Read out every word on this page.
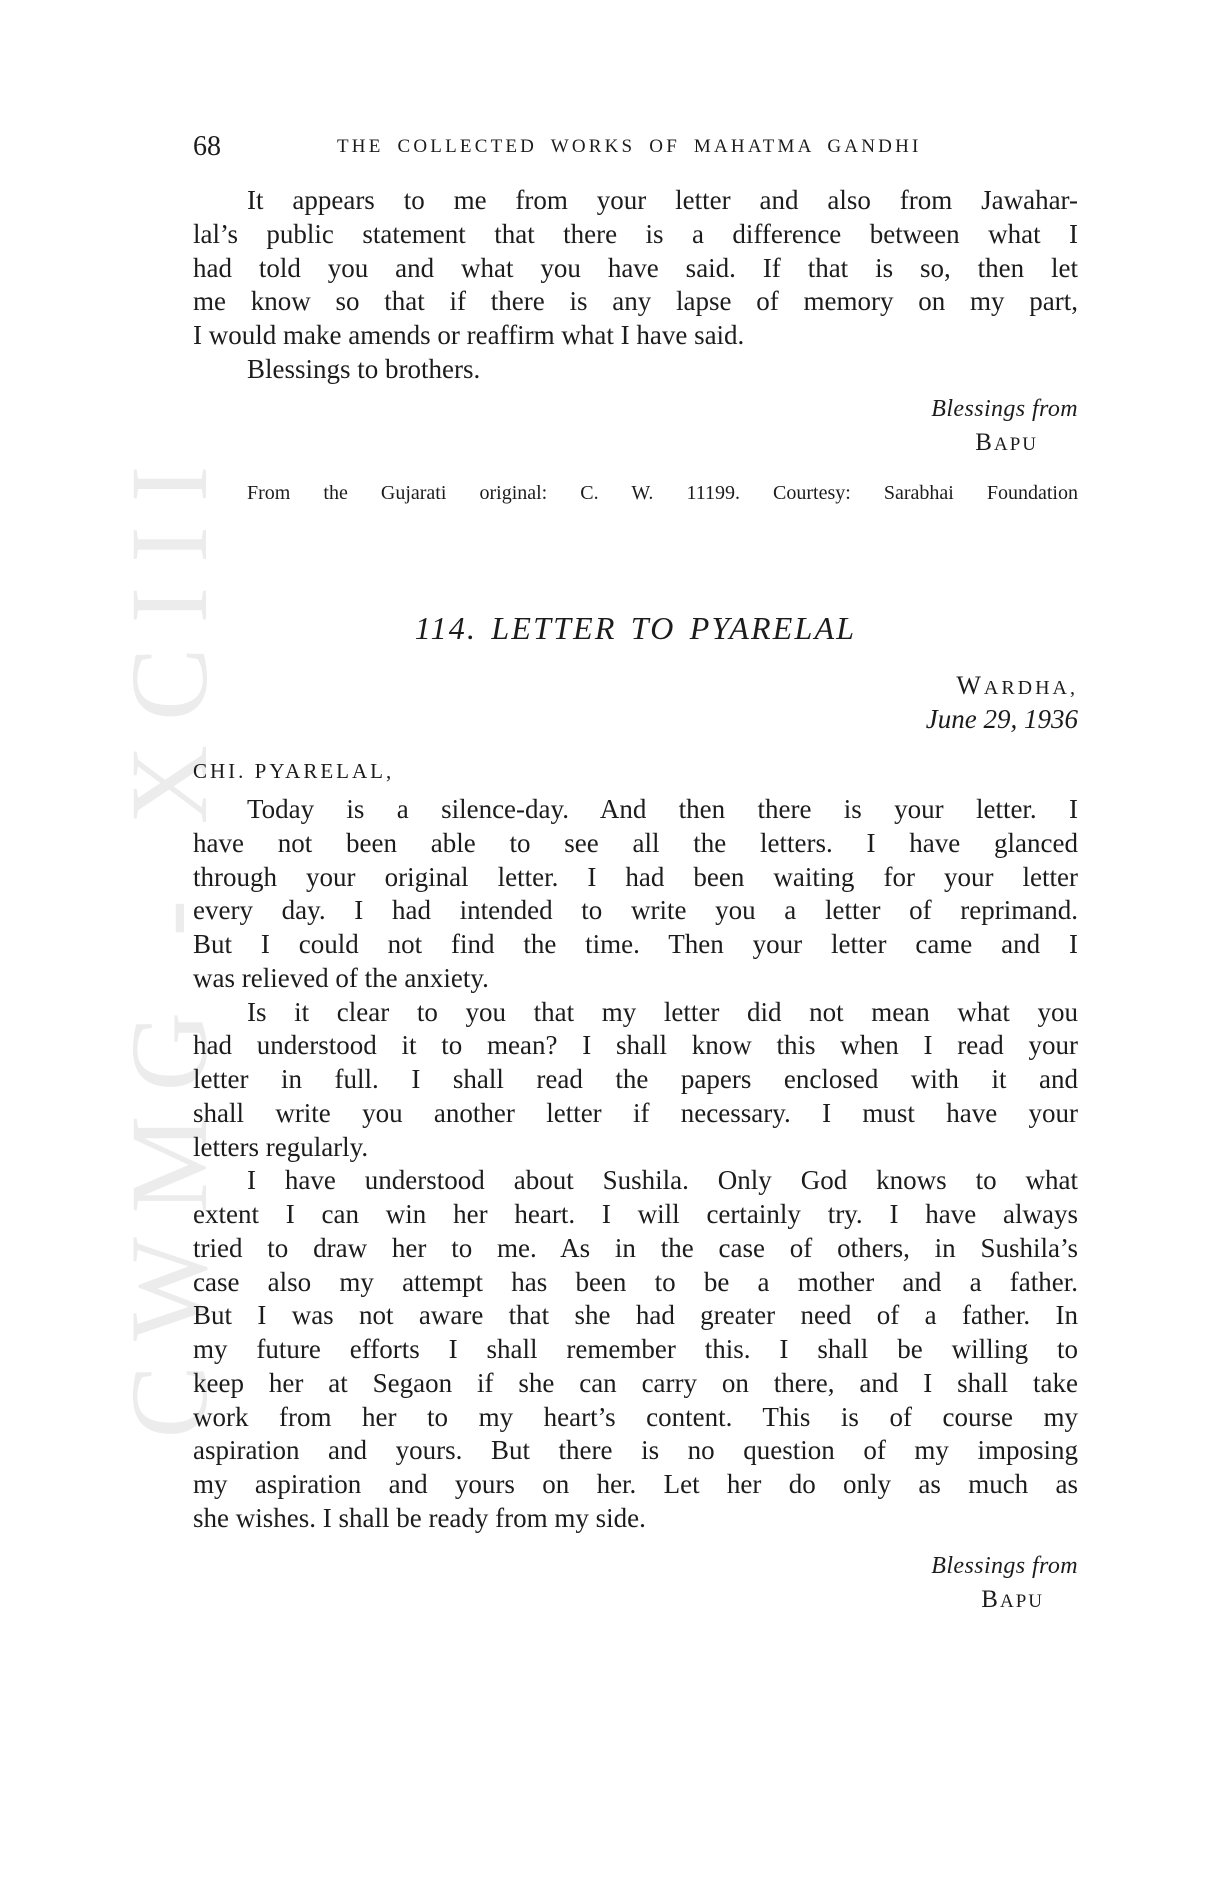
CWMG - XCIII
68	THE COLLECTED WORKS OF MAHATMA GANDHI
It appears to me from your letter and also from Jawahar-
lal’s public statement that there is a difference between what I
had told you and what you have said. If that is so, then let
me know so that if there is any lapse of memory on my part,
I would make amends or reaffirm what I have said.
Blessings to brothers.
Blessings from
BAPU
From the Gujarati original: C. W. 11199. Courtesy: Sarabhai Foundation
114. LETTER TO PYARELAL
WARDHA,
June 29, 1936
CHI. PYARELAL,
Today is a silence-day. And then there is your letter. I
have not been able to see all the letters. I have glanced
through your original letter. I had been waiting for your letter
every day. I had intended to write you a letter of reprimand.
But I could not find the time. Then your letter came and I
was relieved of the anxiety.
Is it clear to you that my letter did not mean what you
had understood it to mean? I shall know this when I read your
letter in full. I shall read the papers enclosed with it and
shall write you another letter if necessary. I must have your
letters regularly.
I have understood about Sushila. Only God knows to what
extent I can win her heart. I will certainly try. I have always
tried to draw her to me. As in the case of others, in Sushila’s
case also my attempt has been to be a mother and a father.
But I was not aware that she had greater need of a father. In
my future efforts I shall remember this. I shall be willing to
keep her at Segaon if she can carry on there, and I shall take
work from her to my heart’s content. This is of course my
aspiration and yours. But there is no question of my imposing
my aspiration and yours on her. Let her do only as much as
she wishes. I shall be ready from my side.
Blessings from
BAPU
